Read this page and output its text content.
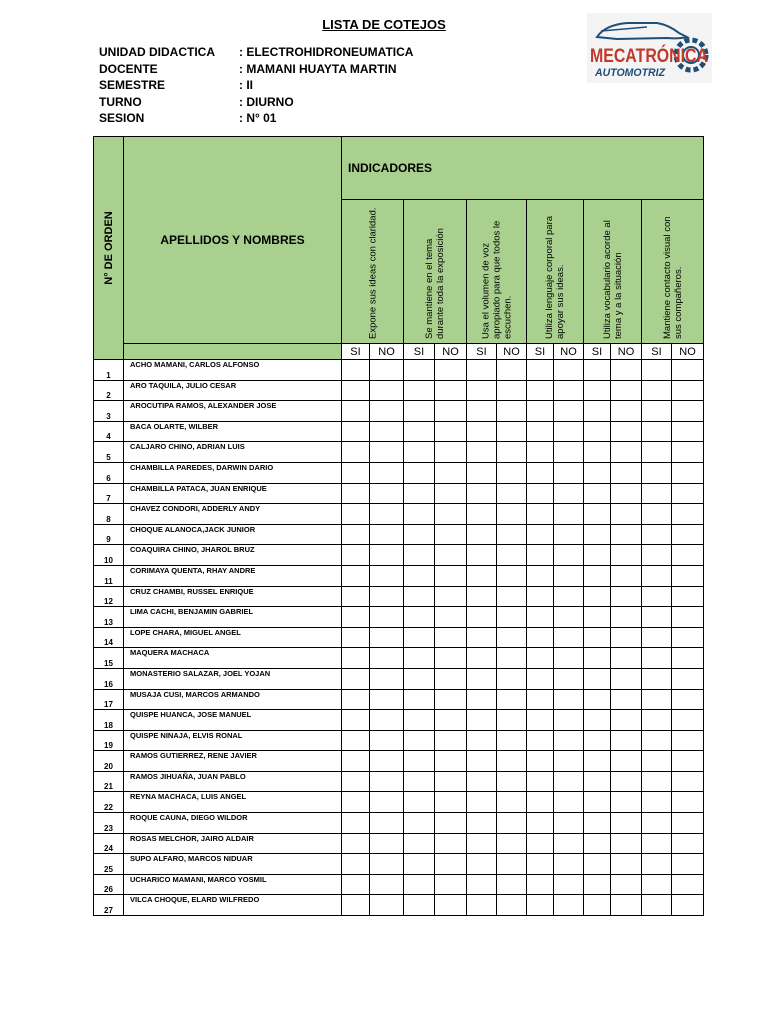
LISTA DE COTEJOS
UNIDAD DIDACTICA : ELECTROHIDRONEUMATICA
DOCENTE	: MAMANI HUAYTA MARTIN
SEMESTRE	: II
TURNO	: DIURNO
SESION	: N° 01
MECATRÓNICA
AUTOMOTRIZ
N° DE ORDEN	APELLIDOS Y NOMBRES	INDICADORES											

		Expone sus ideas con claridad.		Se mantiene en el tema durante toda la exposición		Usa el volumen de voz apropiado para que todos le escuchen.		Utiliza lenguaje corporal para apoyar sus ideas.		Utiliza vocabulario acorde al tema y a la situación		Mantiene contacto visual con sus compañeros.	

		SI	NO	SI	NO	SI	NO	SI	NO	SI	NO	SI	NO
1	ACHO MAMANI, CARLOS ALFONSO												
2	ARO TAQUILA, JULIO CESAR												
3	AROCUTIPA RAMOS, ALEXANDER JOSE												
4	BACA OLARTE, WILBER												
5	CALJARO CHINO, ADRIAN LUIS												
6	CHAMBILLA PAREDES, DARWIN DARIO												
7	CHAMBILLA PATACA, JUAN ENRIQUE												
8	CHAVEZ CONDORI, ADDERLY ANDY												
9	CHOQUE ALANOCA,JACK JUNIOR												
10	COAQUIRA CHINO, JHAROL BRUZ												
11	CORIMAYA QUENTA, RHAY ANDRE												
12	CRUZ CHAMBI, RUSSEL ENRIQUE												
13	LIMA CACHI, BENJAMIN GABRIEL												
14	LOPE CHARA, MIGUEL ANGEL												
15	MAQUERA MACHACA												
16	MONASTERIO SALAZAR, JOEL YOJAN												
17	MUSAJA CUSI, MARCOS ARMANDO												
18	QUISPE HUANCA, JOSE MANUEL												
19	QUISPE NINAJA, ELVIS RONAL												
20	RAMOS GUTIERREZ, RENE JAVIER												
21	RAMOS JIHUAÑA, JUAN PABLO												
22	REYNA MACHACA, LUIS ANGEL												
23	ROQUE CAUNA, DIEGO WILDOR												
24	ROSAS MELCHOR, JAIRO ALDAIR												
25	SUPO ALFARO, MARCOS NIDUAR												
26	UCHARICO MAMANI, MARCO YOSMIL												
27	VILCA CHOQUE, ELARD WILFREDO												
